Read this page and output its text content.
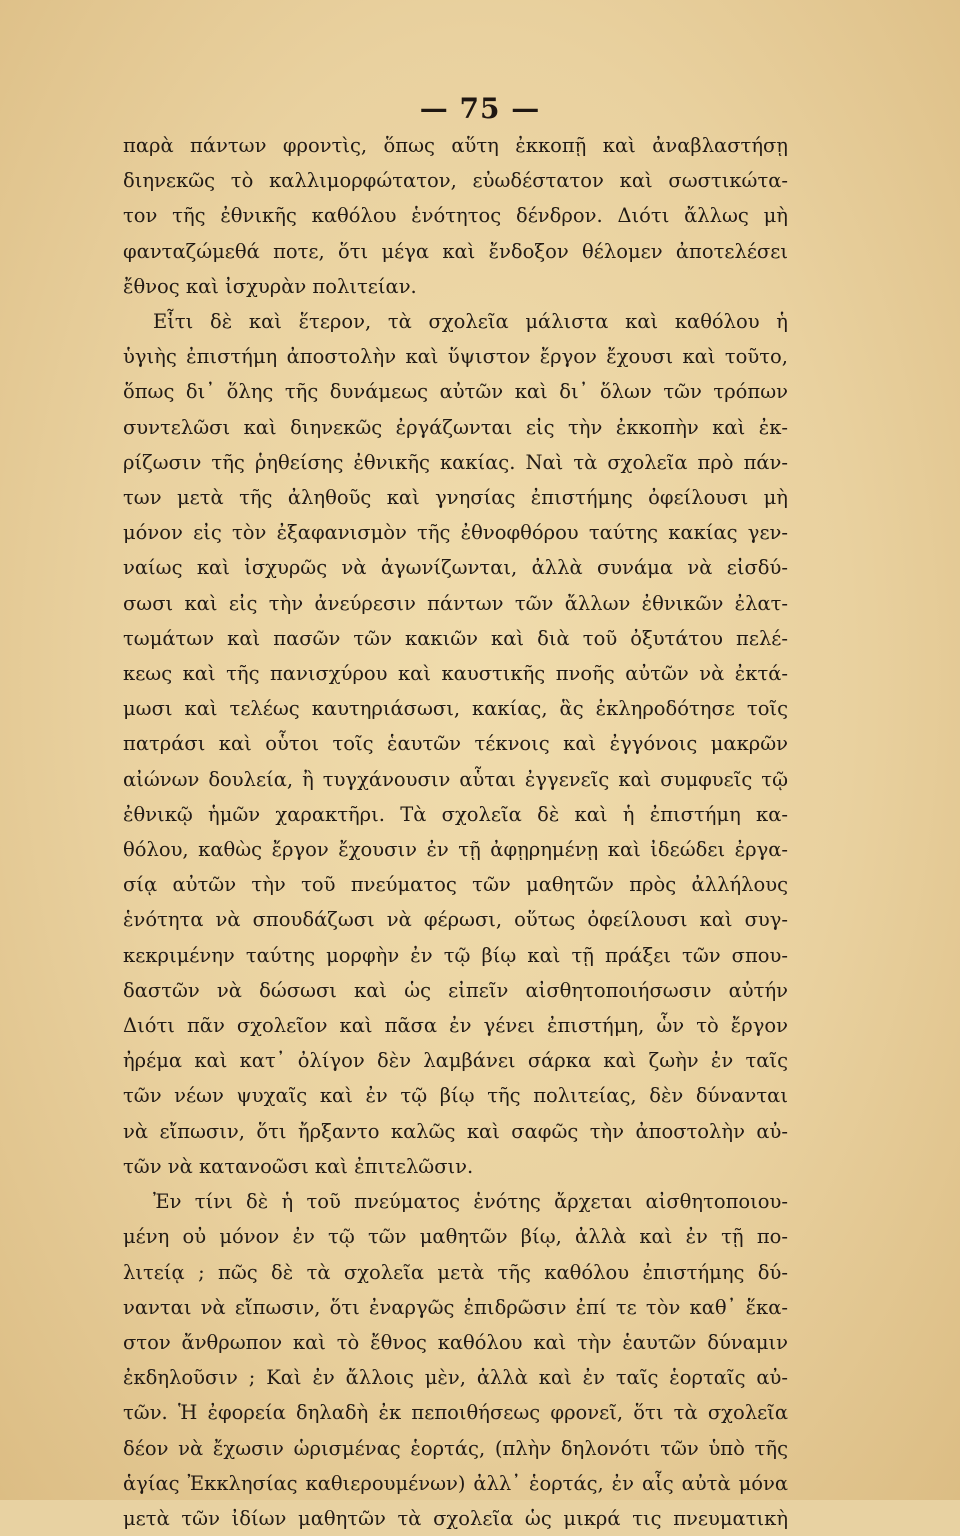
— 75 —
παρὰ πάντων φροντὶς, ὅπως αὕτη ἐκκοπῇ καὶ ἀναβλαστήσῃ
διηνεκῶς τὸ καλλιμορφώτατον, εὐωδέστατον καὶ σωστικώτα-
τον τῆς ἐθνικῆς καθόλου ἑνότητος δένδρον. Διότι ἄλλως μὴ
φανταζώμεθά ποτε, ὅτι μέγα καὶ ἔνδοξον θέλομεν ἀποτελέσει
ἔθνος καὶ ἰσχυρὰν πολιτείαν.
Εἶτι δὲ καὶ ἕτερον, τὰ σχολεῖα μάλιστα καὶ καθόλου ἡ
ὑγιὴς ἐπιστήμη ἀποστολὴν καὶ ὕψιστον ἔργον ἔχουσι καὶ τοῦτο,
ὅπως δι᾽ ὅλης τῆς δυνάμεως αὐτῶν καὶ δι᾽ ὅλων τῶν τρόπων
συντελῶσι καὶ διηνεκῶς ἐργάζωνται εἰς τὴν ἐκκοπὴν καὶ ἐκ-
ρίζωσιν τῆς ῥηθείσης ἐθνικῆς κακίας. Ναὶ τὰ σχολεῖα πρὸ πάν-
των μετὰ τῆς ἀληθοῦς καὶ γνησίας ἐπιστήμης ὀφείλουσι μὴ
μόνον εἰς τὸν ἐξαφανισμὸν τῆς ἐθνοφθόρου ταύτης κακίας γεν-
ναίως καὶ ἰσχυρῶς νὰ ἀγωνίζωνται, ἀλλὰ συνάμα νὰ εἰσδύ-
σωσι καὶ εἰς τὴν ἀνεύρεσιν πάντων τῶν ἄλλων ἐθνικῶν ἐλατ-
τωμάτων καὶ πασῶν τῶν κακιῶν καὶ διὰ τοῦ ὀξυτάτου πελέ-
κεως καὶ τῆς πανισχύρου καὶ καυστικῆς πνοῆς αὐτῶν νὰ ἐκτά-
μωσι καὶ τελέως καυτηριάσωσι, κακίας, ἃς ἐκληροδότησε τοῖς
πατράσι καὶ οὗτοι τοῖς ἑαυτῶν τέκνοις καὶ ἐγγόνοις μακρῶν
αἰώνων δουλεία, ἢ τυγχάνουσιν αὗται ἐγγενεῖς καὶ συμφυεῖς τῷ
ἐθνικῷ ἡμῶν χαρακτῆρι. Τὰ σχολεῖα δὲ καὶ ἡ ἐπιστήμη κα-
θόλου, καθὼς ἔργον ἔχουσιν ἐν τῇ ἀφῃρημένῃ καὶ ἰδεώδει ἐργα-
σίᾳ αὐτῶν τὴν τοῦ πνεύματος τῶν μαθητῶν πρὸς ἀλλήλους
ἑνότητα νὰ σπουδάζωσι νὰ φέρωσι, οὕτως ὀφείλουσι καὶ συγ-
κεκριμένην ταύτης μορφὴν ἐν τῷ βίῳ καὶ τῇ πράξει τῶν σπου-
δαστῶν νὰ δώσωσι καὶ ὡς εἰπεῖν αἰσθητοποιήσωσιν αὐτήν
Διότι πᾶν σχολεῖον καὶ πᾶσα ἐν γένει ἐπιστήμη, ὧν τὸ ἔργον
ἠρέμα καὶ κατ᾽ ὀλίγον δὲν λαμβάνει σάρκα καὶ ζωὴν ἐν ταῖς
τῶν νέων ψυχαῖς καὶ ἐν τῷ βίῳ τῆς πολιτείας, δὲν δύνανται
νὰ εἴπωσιν, ὅτι ἤρξαντο καλῶς καὶ σαφῶς τὴν ἀποστολὴν αὐ-
τῶν νὰ κατανοῶσι καὶ ἐπιτελῶσιν.
Ἐν τίνι δὲ ἡ τοῦ πνεύματος ἑνότης ἄρχεται αἰσθητοποιου-
μένη οὐ μόνον ἐν τῷ τῶν μαθητῶν βίῳ, ἀλλὰ καὶ ἐν τῇ πο-
λιτείᾳ ; πῶς δὲ τὰ σχολεῖα μετὰ τῆς καθόλου ἐπιστήμης δύ-
νανται νὰ εἴπωσιν, ὅτι ἐναργῶς ἐπιδρῶσιν ἐπί τε τὸν καθ᾽ ἕκα-
στον ἄνθρωπον καὶ τὸ ἔθνος καθόλου καὶ τὴν ἑαυτῶν δύναμιν
ἐκδηλοῦσιν ; Καὶ ἐν ἄλλοις μὲν, ἀλλὰ καὶ ἐν ταῖς ἑορταῖς αὐ-
τῶν. Ἡ ἐφορεία δηλαδὴ ἐκ πεποιθήσεως φρονεῖ, ὅτι τὰ σχολεῖα
δέον νὰ ἔχωσιν ὡρισμένας ἑορτάς, (πλὴν δηλονότι τῶν ὑπὸ τῆς
ἁγίας Ἐκκλησίας καθιερουμένων) ἀλλ᾽ ἑορτάς, ἐν αἷς αὐτὰ μόνα
μετὰ τῶν ἰδίων μαθητῶν τὰ σχολεῖα ὡς μικρά τις πνευματικὴ
